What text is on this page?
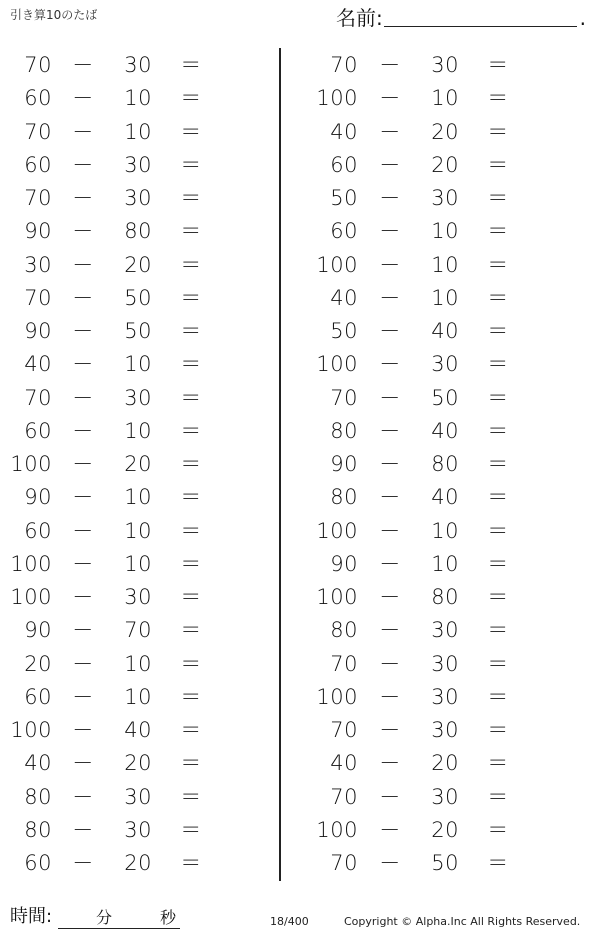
引き算10のたば	名前:	.
70 －	30 ＝
60 －	10 ＝
70 －	10 ＝
60 －	30 ＝
70 －	30 ＝
90 －	80 ＝
30 －	20 ＝
70 －	50 ＝
90 －	50 ＝
40 －	10 ＝
70 －	30 ＝
60 －	10 ＝
100 －	20 ＝
90 －	10 ＝
60 －	10 ＝
100 －	10 ＝
100 －	30 ＝
90 －	70 ＝
20 －	10 ＝
60 －	10 ＝
100 －	40 ＝
40 －	20 ＝
80 －	30 ＝
80 －	30 ＝
60 －	20 ＝
70 －	30 ＝
100 －	10 ＝
40 －	20 ＝
60 －	20 ＝
50 －	30 ＝
60 －	10 ＝
100 －	10 ＝
40 －	10 ＝
50 －	40 ＝
100 －	30 ＝
70 －	50 ＝
80 －	40 ＝
90 －	80 ＝
80 －	40 ＝
100 －	10 ＝
90 －	10 ＝
100 －	80 ＝
80 －	30 ＝
70 －	30 ＝
100 －	30 ＝
70 －	30 ＝
40 －	20 ＝
70 －	30 ＝
100 －	20 ＝
70 －	50 ＝
時間:	分	秒	18/400	Copyright © Alpha.Inc All Rights Reserved.
